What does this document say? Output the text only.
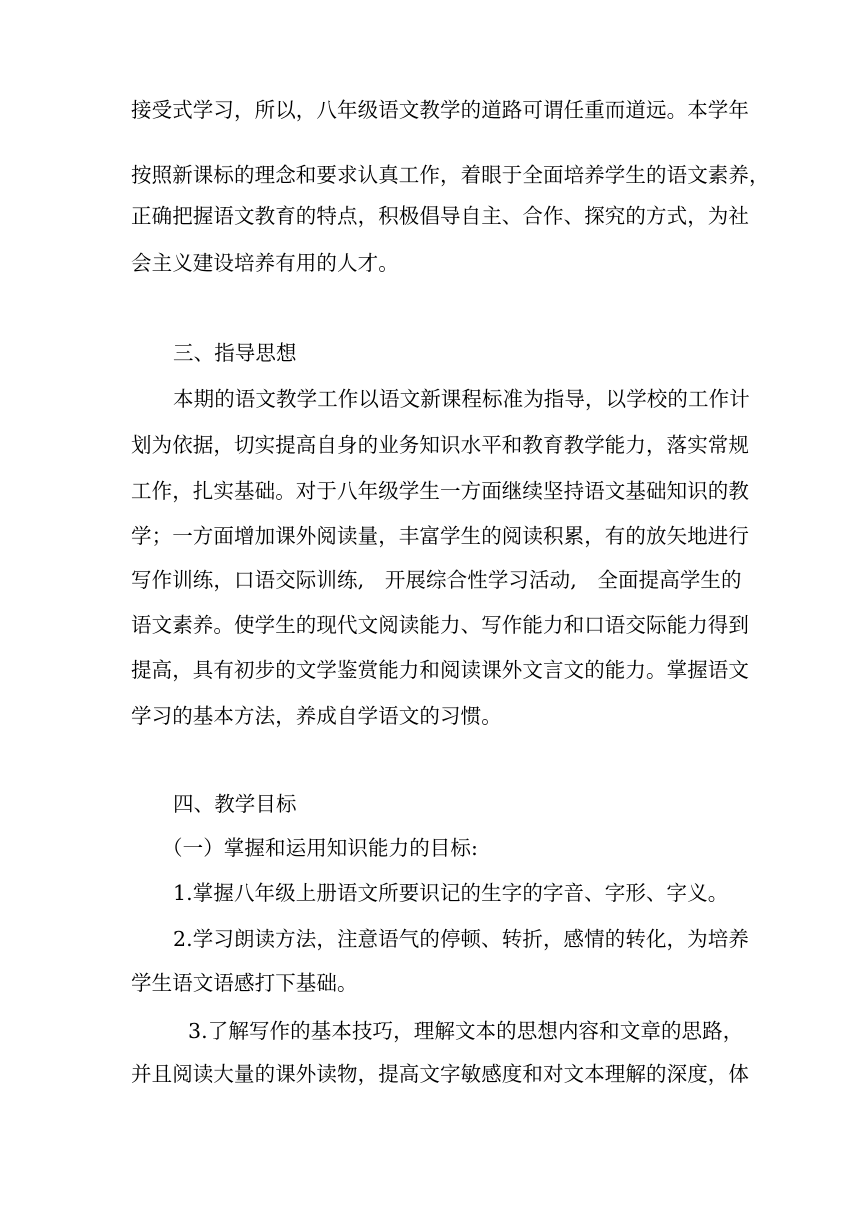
接受式学习，所以，八年级语文教学的道路可谓任重而道远。本学年
按照新课标的理念和要求认真工作，着眼于全面培养学生的语文素养，
正确把握语文教育的特点，积极倡导自主、合作、探究的方式，为社
会主义建设培养有用的人才。
三、指导思想
本期的语文教学工作以语文新课程标准为指导，以学校的工作计
划为依据，切实提高自身的业务知识水平和教育教学能力，落实常规
工作，扎实基础。对于八年级学生一方面继续坚持语文基础知识的教
学；一方面增加课外阅读量，丰富学生的阅读积累，有的放矢地进行
写作训练，口语交际训练,　开展综合性学习活动,　全面提高学生的
语文素养。使学生的现代文阅读能力、写作能力和口语交际能力得到
提高，具有初步的文学鉴赏能力和阅读课外文言文的能力。掌握语文
学习的基本方法，养成自学语文的习惯。
四、教学目标
（一）掌握和运用知识能力的目标:
1.掌握八年级上册语文所要识记的生字的字音、字形、字义。
2.学习朗读方法，注意语气的停顿、转折，感情的转化，为培养
学生语文语感打下基础。
3.了解写作的基本技巧，理解文本的思想内容和文章的思路，
并且阅读大量的课外读物，提高文字敏感度和对文本理解的深度，体
